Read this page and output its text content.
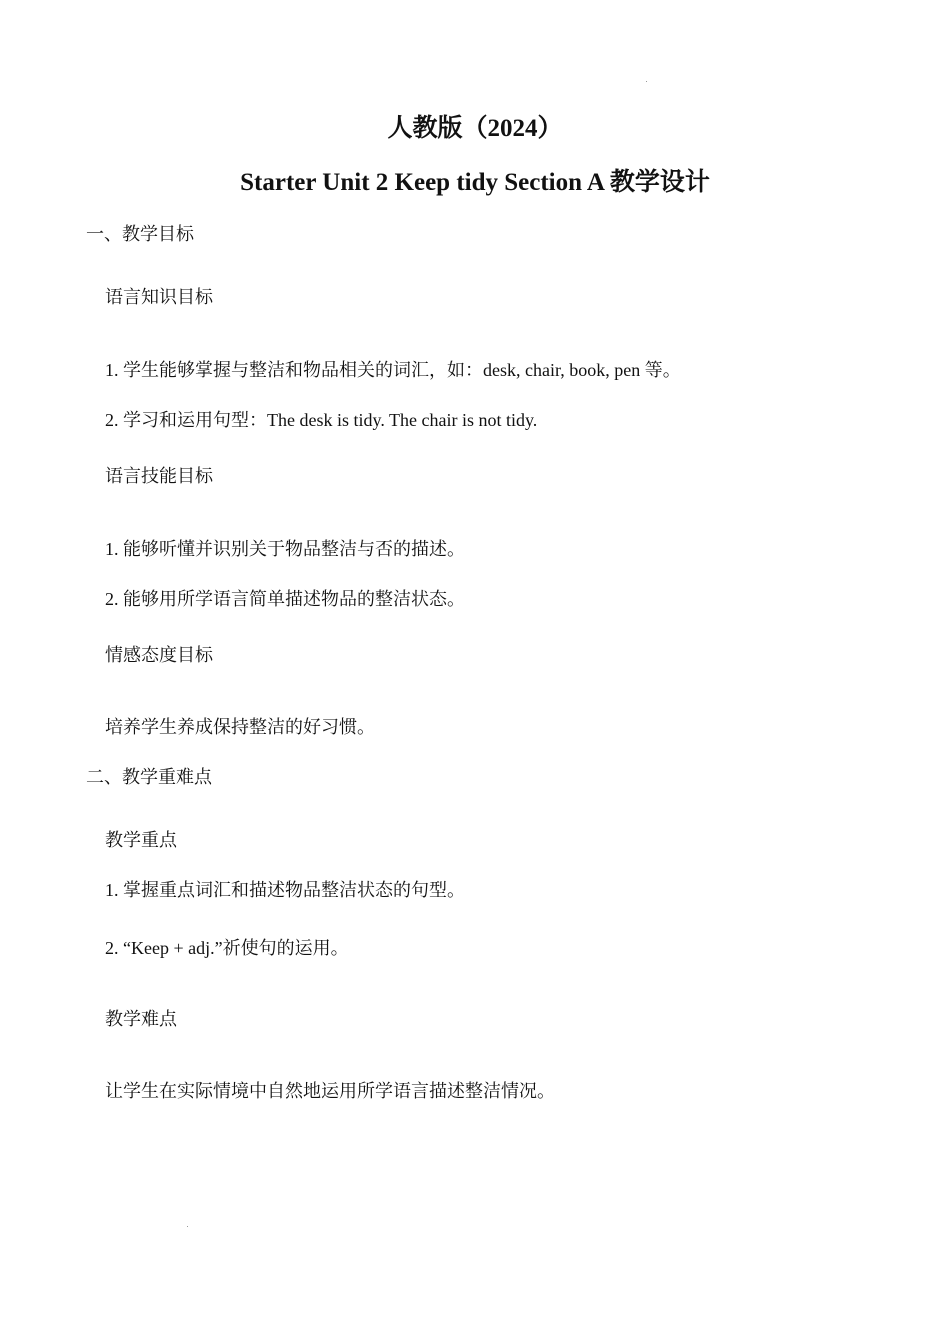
人教版（2024）
Starter Unit 2 Keep tidy Section A 教学设计
一、教学目标
语言知识目标
1. 学生能够掌握与整洁和物品相关的词汇，如：desk, chair, book, pen 等。
2. 学习和运用句型：The desk is tidy. The chair is not tidy.
语言技能目标
1. 能够听懂并识别关于物品整洁与否的描述。
2. 能够用所学语言简单描述物品的整洁状态。
情感态度目标
培养学生养成保持整洁的好习惯。
二、教学重难点
教学重点
1. 掌握重点词汇和描述物品整洁状态的句型。
2. “Keep + adj.”祈使句的运用。
教学难点
让学生在实际情境中自然地运用所学语言描述整洁情况。
